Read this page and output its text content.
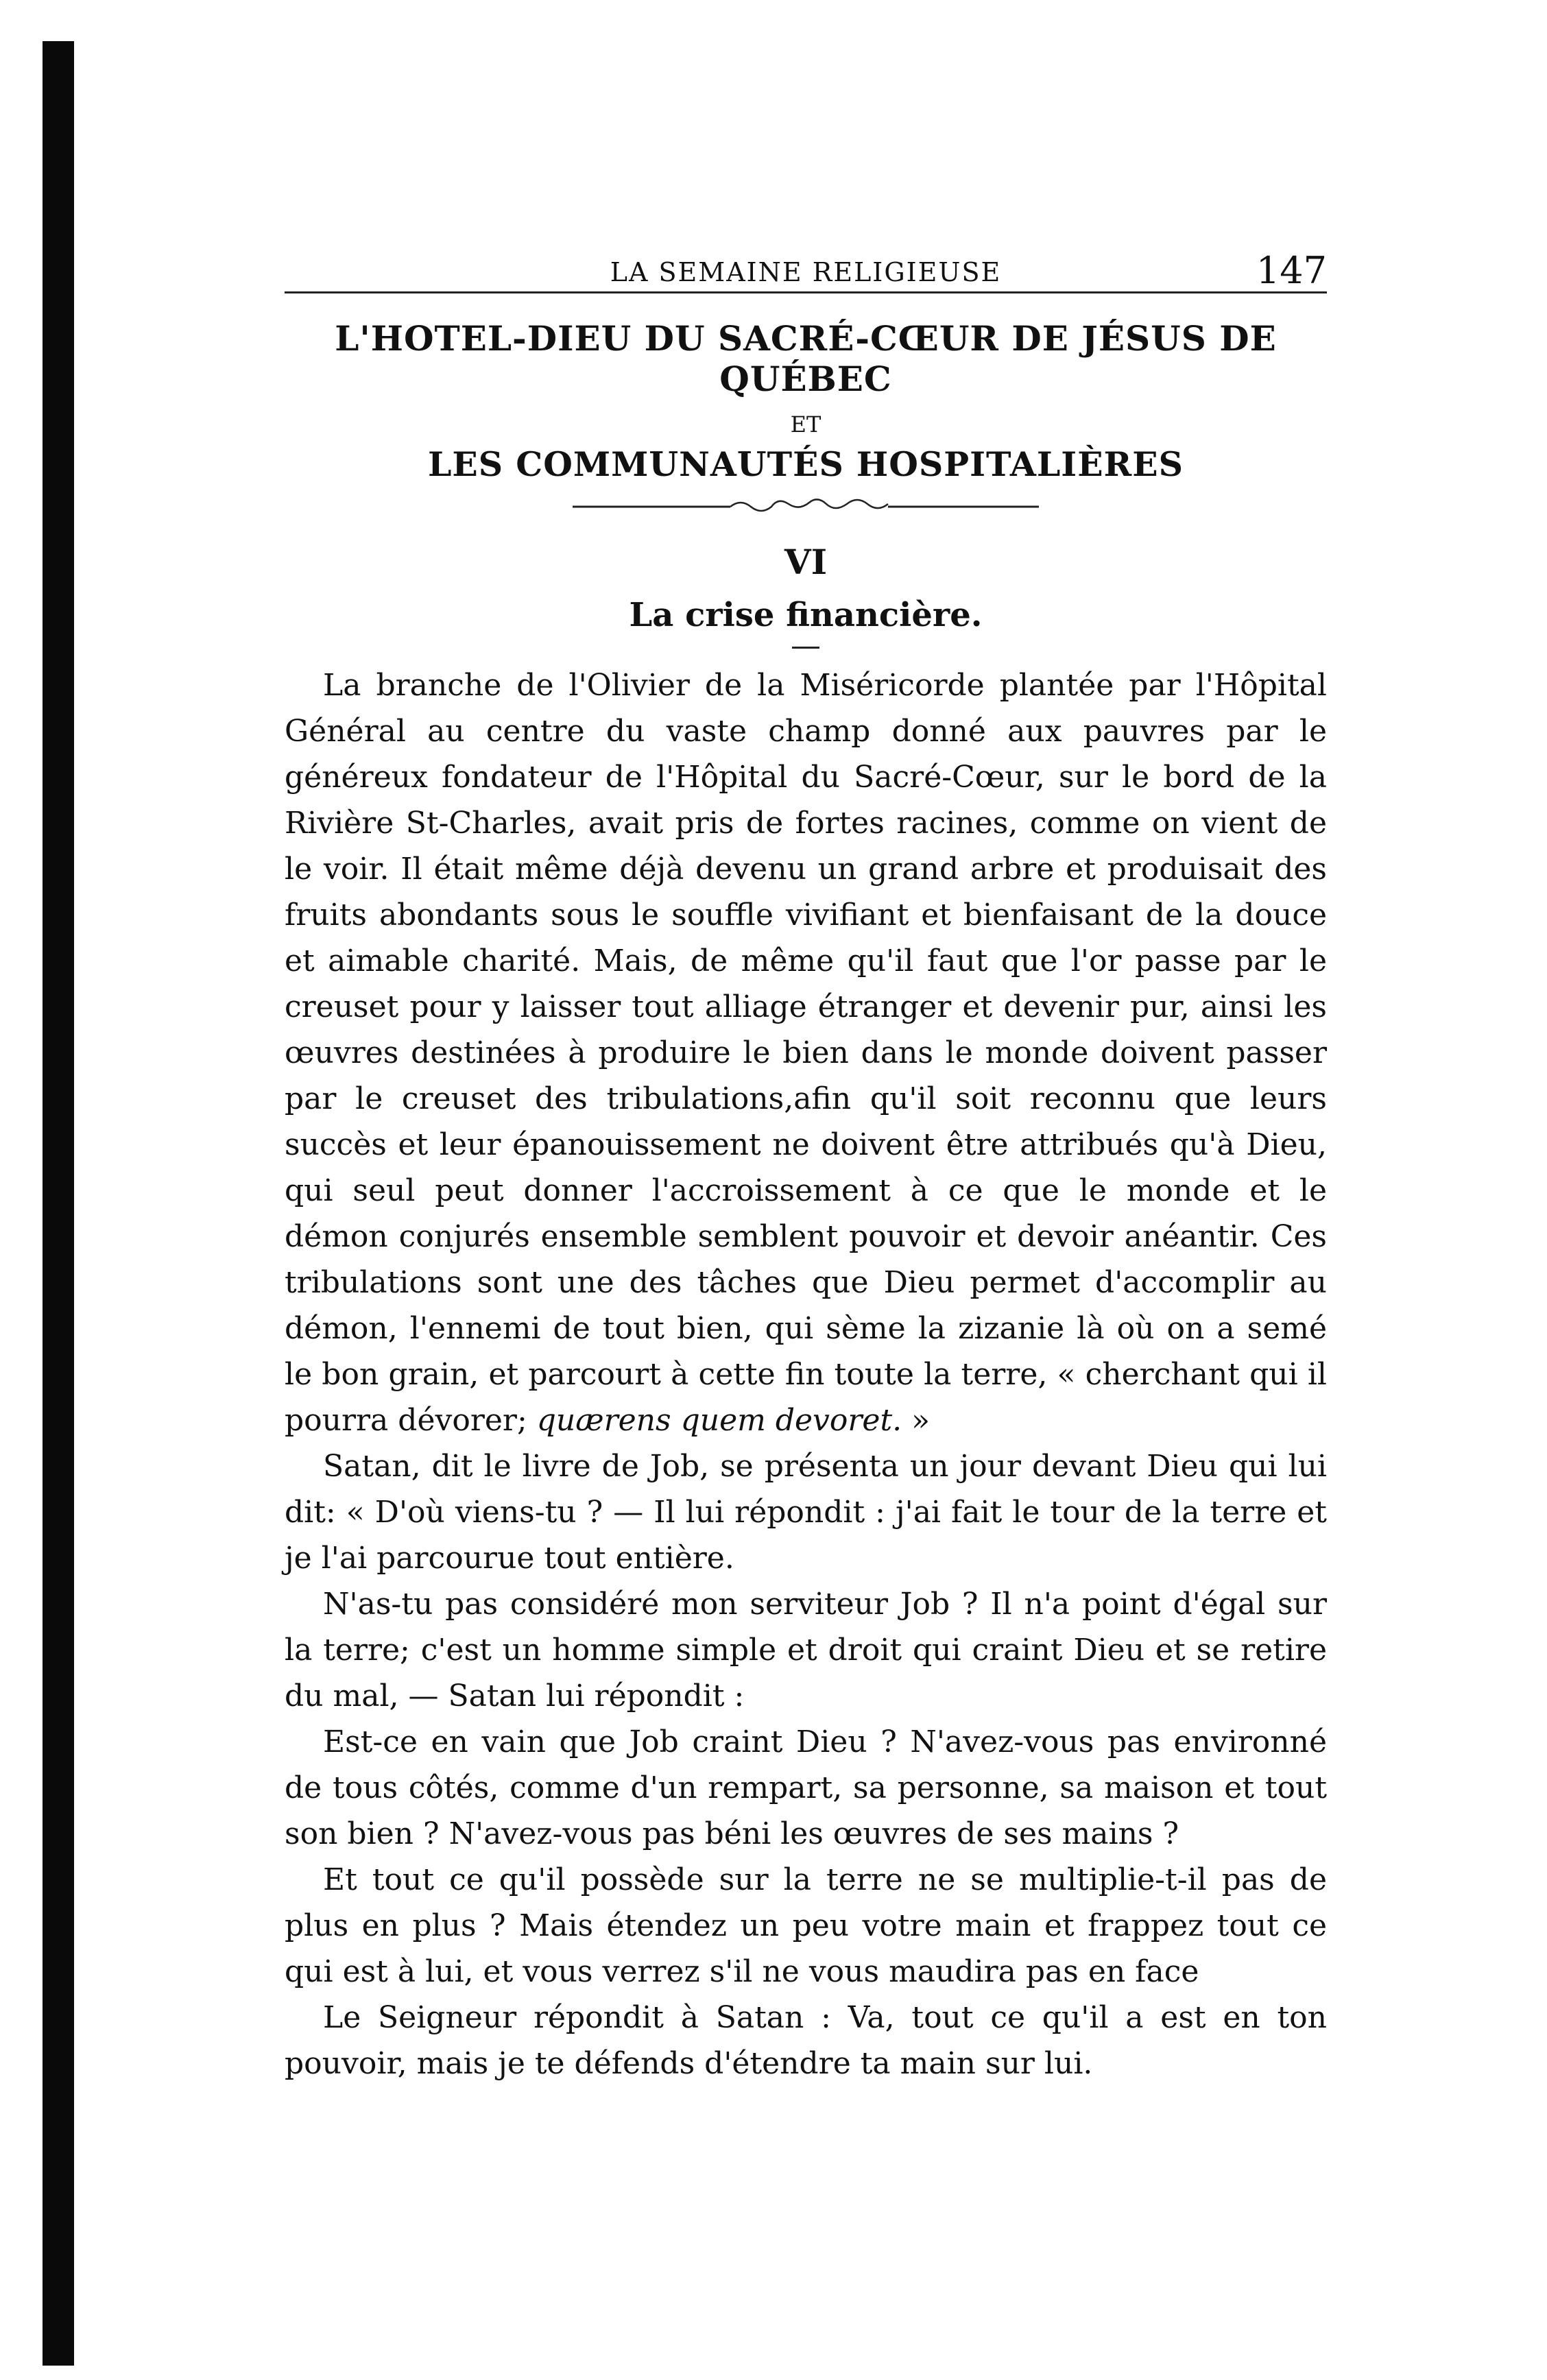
LA SEMAINE RELIGIEUSE	147
L'HOTEL-DIEU DU SACRÉ-CŒUR DE JÉSUS DE QUÉBEC
ET
LES COMMUNAUTÉS HOSPITALIÈRES
VI
La crise financière.

La branche de l'Olivier de la Miséricorde plantée par l'Hôpital Général au centre du vaste champ donné aux pauvres par le généreux fondateur de l'Hôpital du Sacré-Cœur, sur le bord de la Rivière St-Charles, avait pris de fortes racines, comme on vient de le voir. Il était même déjà devenu un grand arbre et produisait des fruits abondants sous le souffle vivifiant et bienfaisant de la douce et aimable charité. Mais, de même qu'il faut que l'or passe par le creuset pour y laisser tout alliage étranger et devenir pur, ainsi les œuvres destinées à produire le bien dans le monde doivent passer par le creuset des tribulations,afin qu'il soit reconnu que leurs succès et leur épanouissement ne doivent être attribués qu'à Dieu, qui seul peut donner l'accroissement à ce que le monde et le démon conjurés ensemble semblent pouvoir et devoir anéantir. Ces tribulations sont une des tâches que Dieu permet d'accomplir au démon, l'ennemi de tout bien, qui sème la zizanie là où on a semé le bon grain, et parcourt à cette fin toute la terre, « cherchant qui il pourra dévorer; quærens quem devoret. »

Satan, dit le livre de Job, se présenta un jour devant Dieu qui lui dit: « D'où viens-tu ? — Il lui répondit : j'ai fait le tour de la terre et je l'ai parcourue tout entière.

N'as-tu pas considéré mon serviteur Job ? Il n'a point d'égal sur la terre; c'est un homme simple et droit qui craint Dieu et se retire du mal, — Satan lui répondit :

Est-ce en vain que Job craint Dieu ? N'avez-vous pas environné de tous côtés, comme d'un rempart, sa personne, sa maison et tout son bien ? N'avez-vous pas béni les œuvres de ses mains ?

Et tout ce qu'il possède sur la terre ne se multiplie-t-il pas de plus en plus ? Mais étendez un peu votre main et frappez tout ce qui est à lui, et vous verrez s'il ne vous maudira pas en face

Le Seigneur répondit à Satan : Va, tout ce qu'il a est en ton pouvoir, mais je te défends d'étendre ta main sur lui.
